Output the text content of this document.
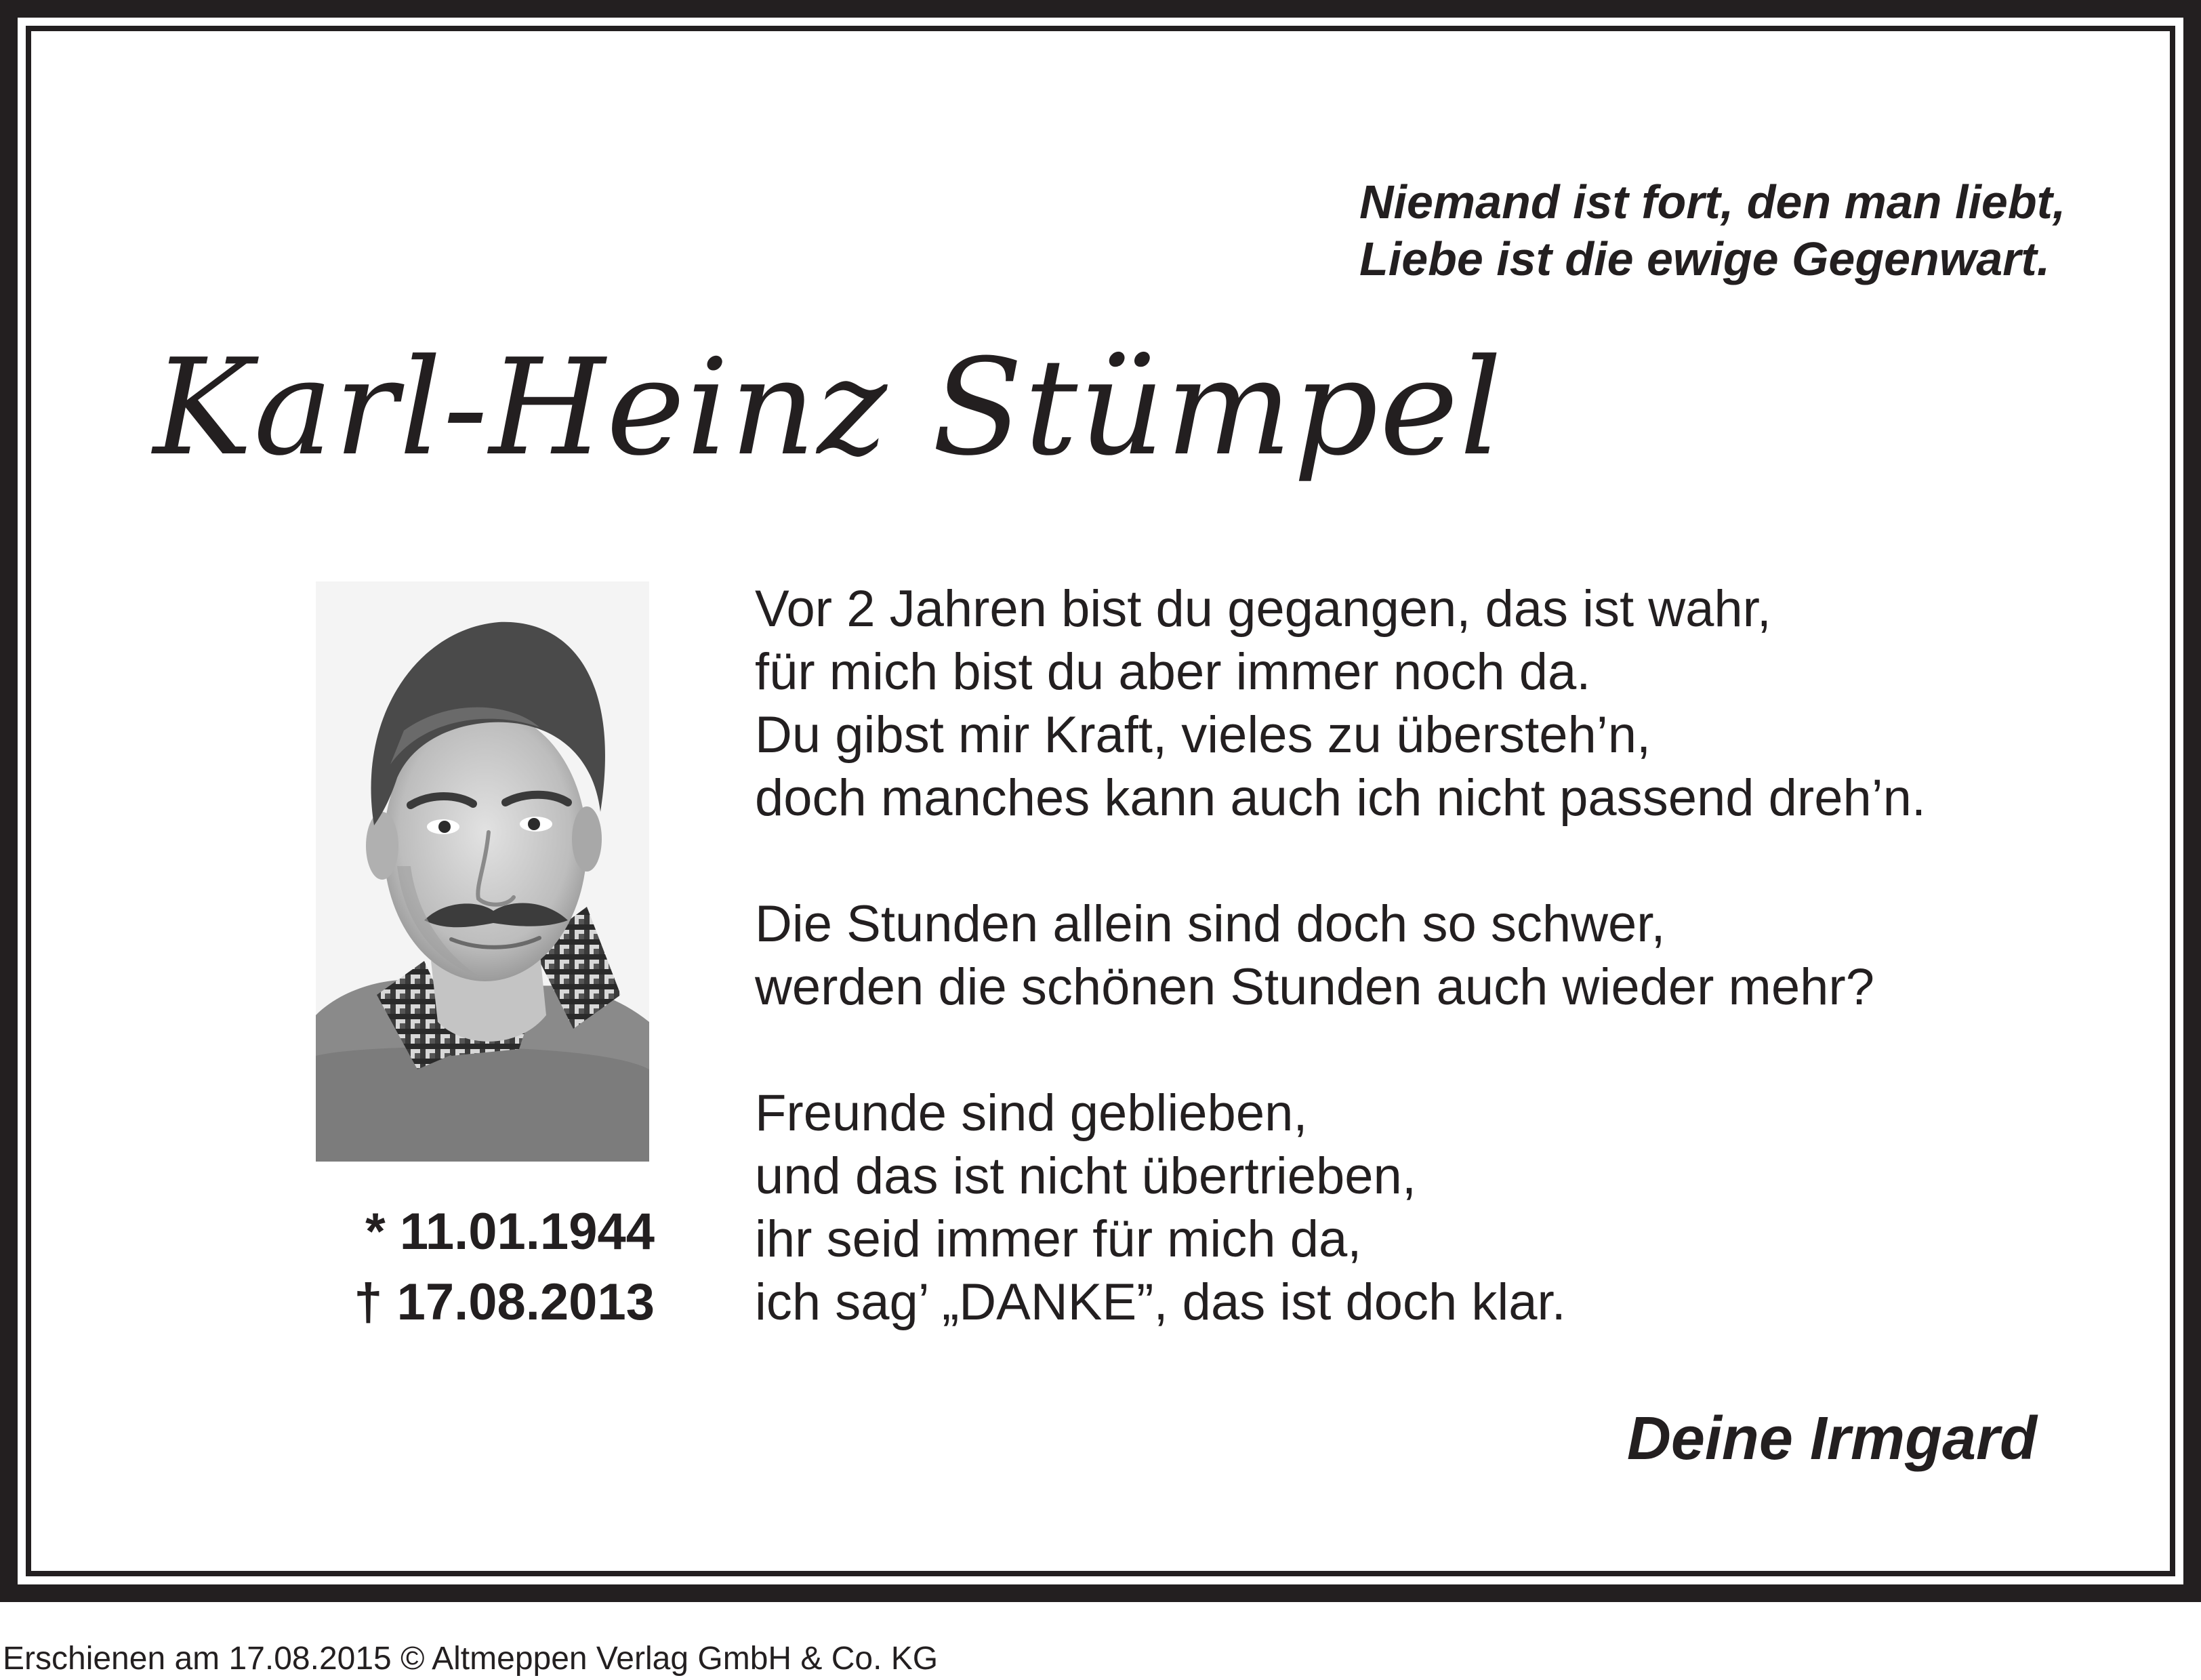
Niemand ist fort, den man liebt,
Liebe ist die ewige Gegenwart.
Karl-Heinz Stümpel
* 11.01.1944
† 17.08.2013
Vor 2 Jahren bist du gegangen, das ist wahr,
für mich bist du aber immer noch da.
Du gibst mir Kraft, vieles zu übersteh’n,
doch manches kann auch ich nicht passend dreh’n.
Die Stunden allein sind doch so schwer,
werden die schönen Stunden auch wieder mehr?
Freunde sind geblieben,
und das ist nicht übertrieben,
ihr seid immer für mich da,
ich sag’ „DANKE”, das ist doch klar.
Deine Irmgard
Erschienen am 17.08.2015 © Altmeppen Verlag GmbH & Co. KG
